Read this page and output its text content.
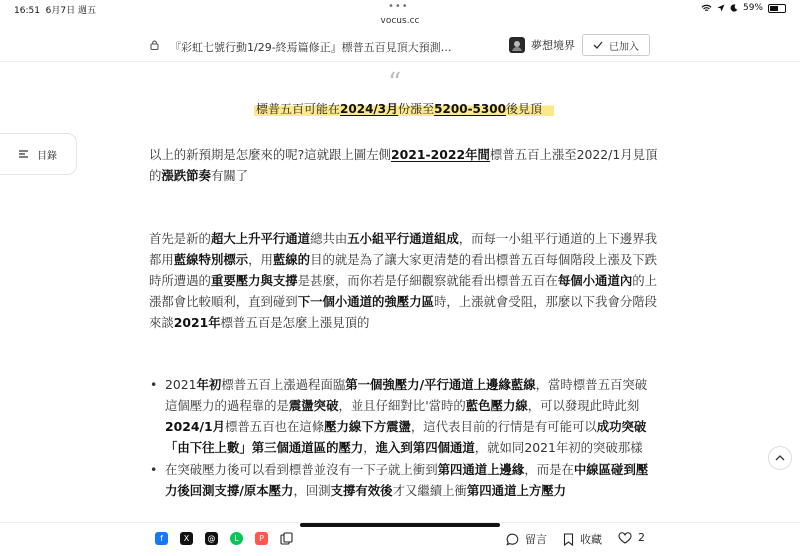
16:51 6月7日 週五	•••	59%
vocus.cc
『彩虹七號行動1/29-終焉篇修正』標普五百見頂大預測…	夢想境界	已加入
目錄
“
標普五百可能在2024/3月份漲至5200-5300後見頂
以上的新預期是怎麼來的呢?這就跟上圖左側2021-2022年間標普五百上漲至2022/1月見頂的漲跌節奏有關了
首先是新的超大上升平行通道總共由五小組平行通道組成，而每一小組平行通道的上下邊界我都用藍線特別標示，用藍線的目的就是為了讓大家更清楚的看出標普五百每個階段上漲及下跌時所遭遇的重要壓力與支撐是甚麼，而你若是仔細觀察就能看出標普五百在每個小通道內的上漲都會比較順利，直到碰到下一個小通道的強壓力區時，上漲就會受阻，那麼以下我會分階段來談2021年標普五百是怎麼上漲見頂的
• 2021年初標普五百上漲過程面臨第一個強壓力/平行通道上邊緣藍線，當時標普五百突破這個壓力的過程靠的是震盪突破，並且仔細對比'當時的藍色壓力線，可以發現此時此刻2024/1月標普五百也在這條壓力線下方震盪，這代表目前的行情是有可能可以成功突破「由下往上數」第三個通道區的壓力，進入到第四個通道，就如同2021年初的突破那樣
• 在突破壓力後可以看到標普並沒有一下子就上衝到第四通道上邊緣，而是在中線區碰到壓力後回測支撐/原本壓力，回測支撐有效後才又繼續上衝第四通道上方壓力
f	X	@	L	P	留言	收藏	2
